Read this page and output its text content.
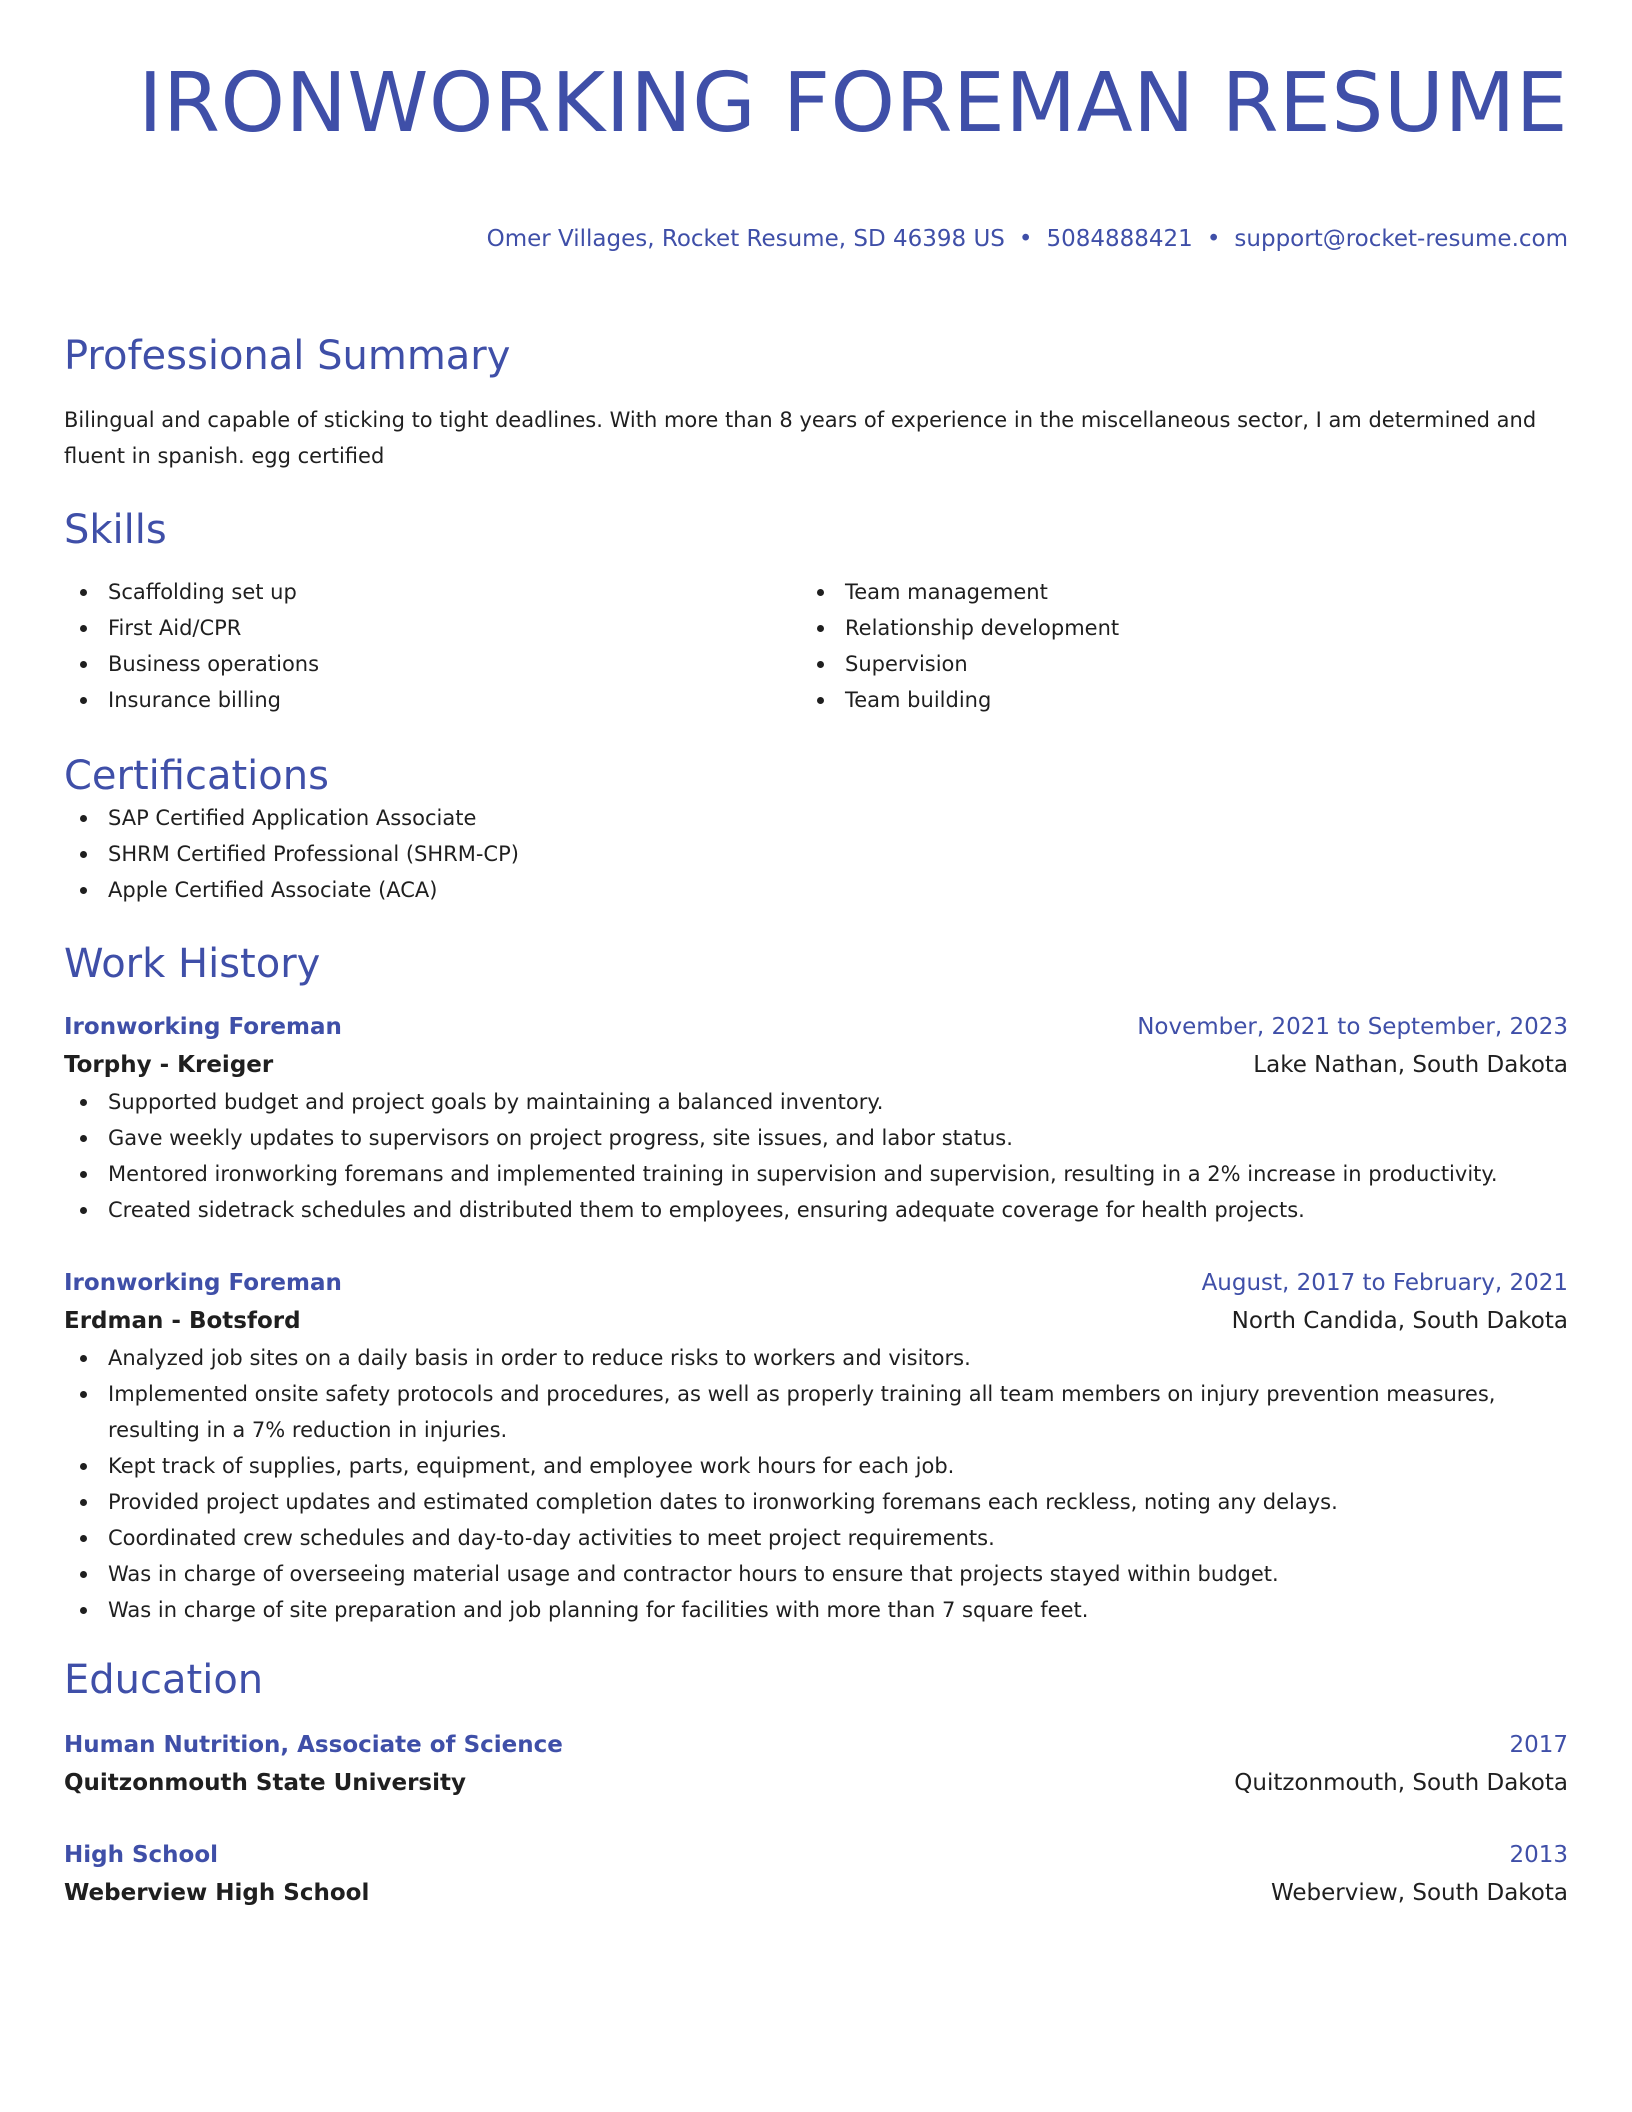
IRONWORKING FOREMAN RESUME
Omer Villages, Rocket Resume, SD 46398 US • 5084888421 • support@rocket-resume.com
Professional Summary
Bilingual and capable of sticking to tight deadlines. With more than 8 years of experience in the miscellaneous sector, I am determined and fluent in spanish. egg certified
Skills
Scaffolding set up
First Aid/CPR
Business operations
Insurance billing
Team management
Relationship development
Supervision
Team building
Certifications
SAP Certified Application Associate
SHRM Certified Professional (SHRM-CP)
Apple Certified Associate (ACA)
Work History
Ironworking Foreman	November, 2021 to September, 2023
Torphy - Kreiger	Lake Nathan, South Dakota
Supported budget and project goals by maintaining a balanced inventory.
Gave weekly updates to supervisors on project progress, site issues, and labor status.
Mentored ironworking foremans and implemented training in supervision and supervision, resulting in a 2% increase in productivity.
Created sidetrack schedules and distributed them to employees, ensuring adequate coverage for health projects.
Ironworking Foreman	August, 2017 to February, 2021
Erdman - Botsford	North Candida, South Dakota
Analyzed job sites on a daily basis in order to reduce risks to workers and visitors.
Implemented onsite safety protocols and procedures, as well as properly training all team members on injury prevention measures, resulting in a 7% reduction in injuries.
Kept track of supplies, parts, equipment, and employee work hours for each job.
Provided project updates and estimated completion dates to ironworking foremans each reckless, noting any delays.
Coordinated crew schedules and day-to-day activities to meet project requirements.
Was in charge of overseeing material usage and contractor hours to ensure that projects stayed within budget.
Was in charge of site preparation and job planning for facilities with more than 7 square feet.
Education
Human Nutrition, Associate of Science	2017
Quitzonmouth State University	Quitzonmouth, South Dakota
High School	2013
Weberview High School	Weberview, South Dakota
